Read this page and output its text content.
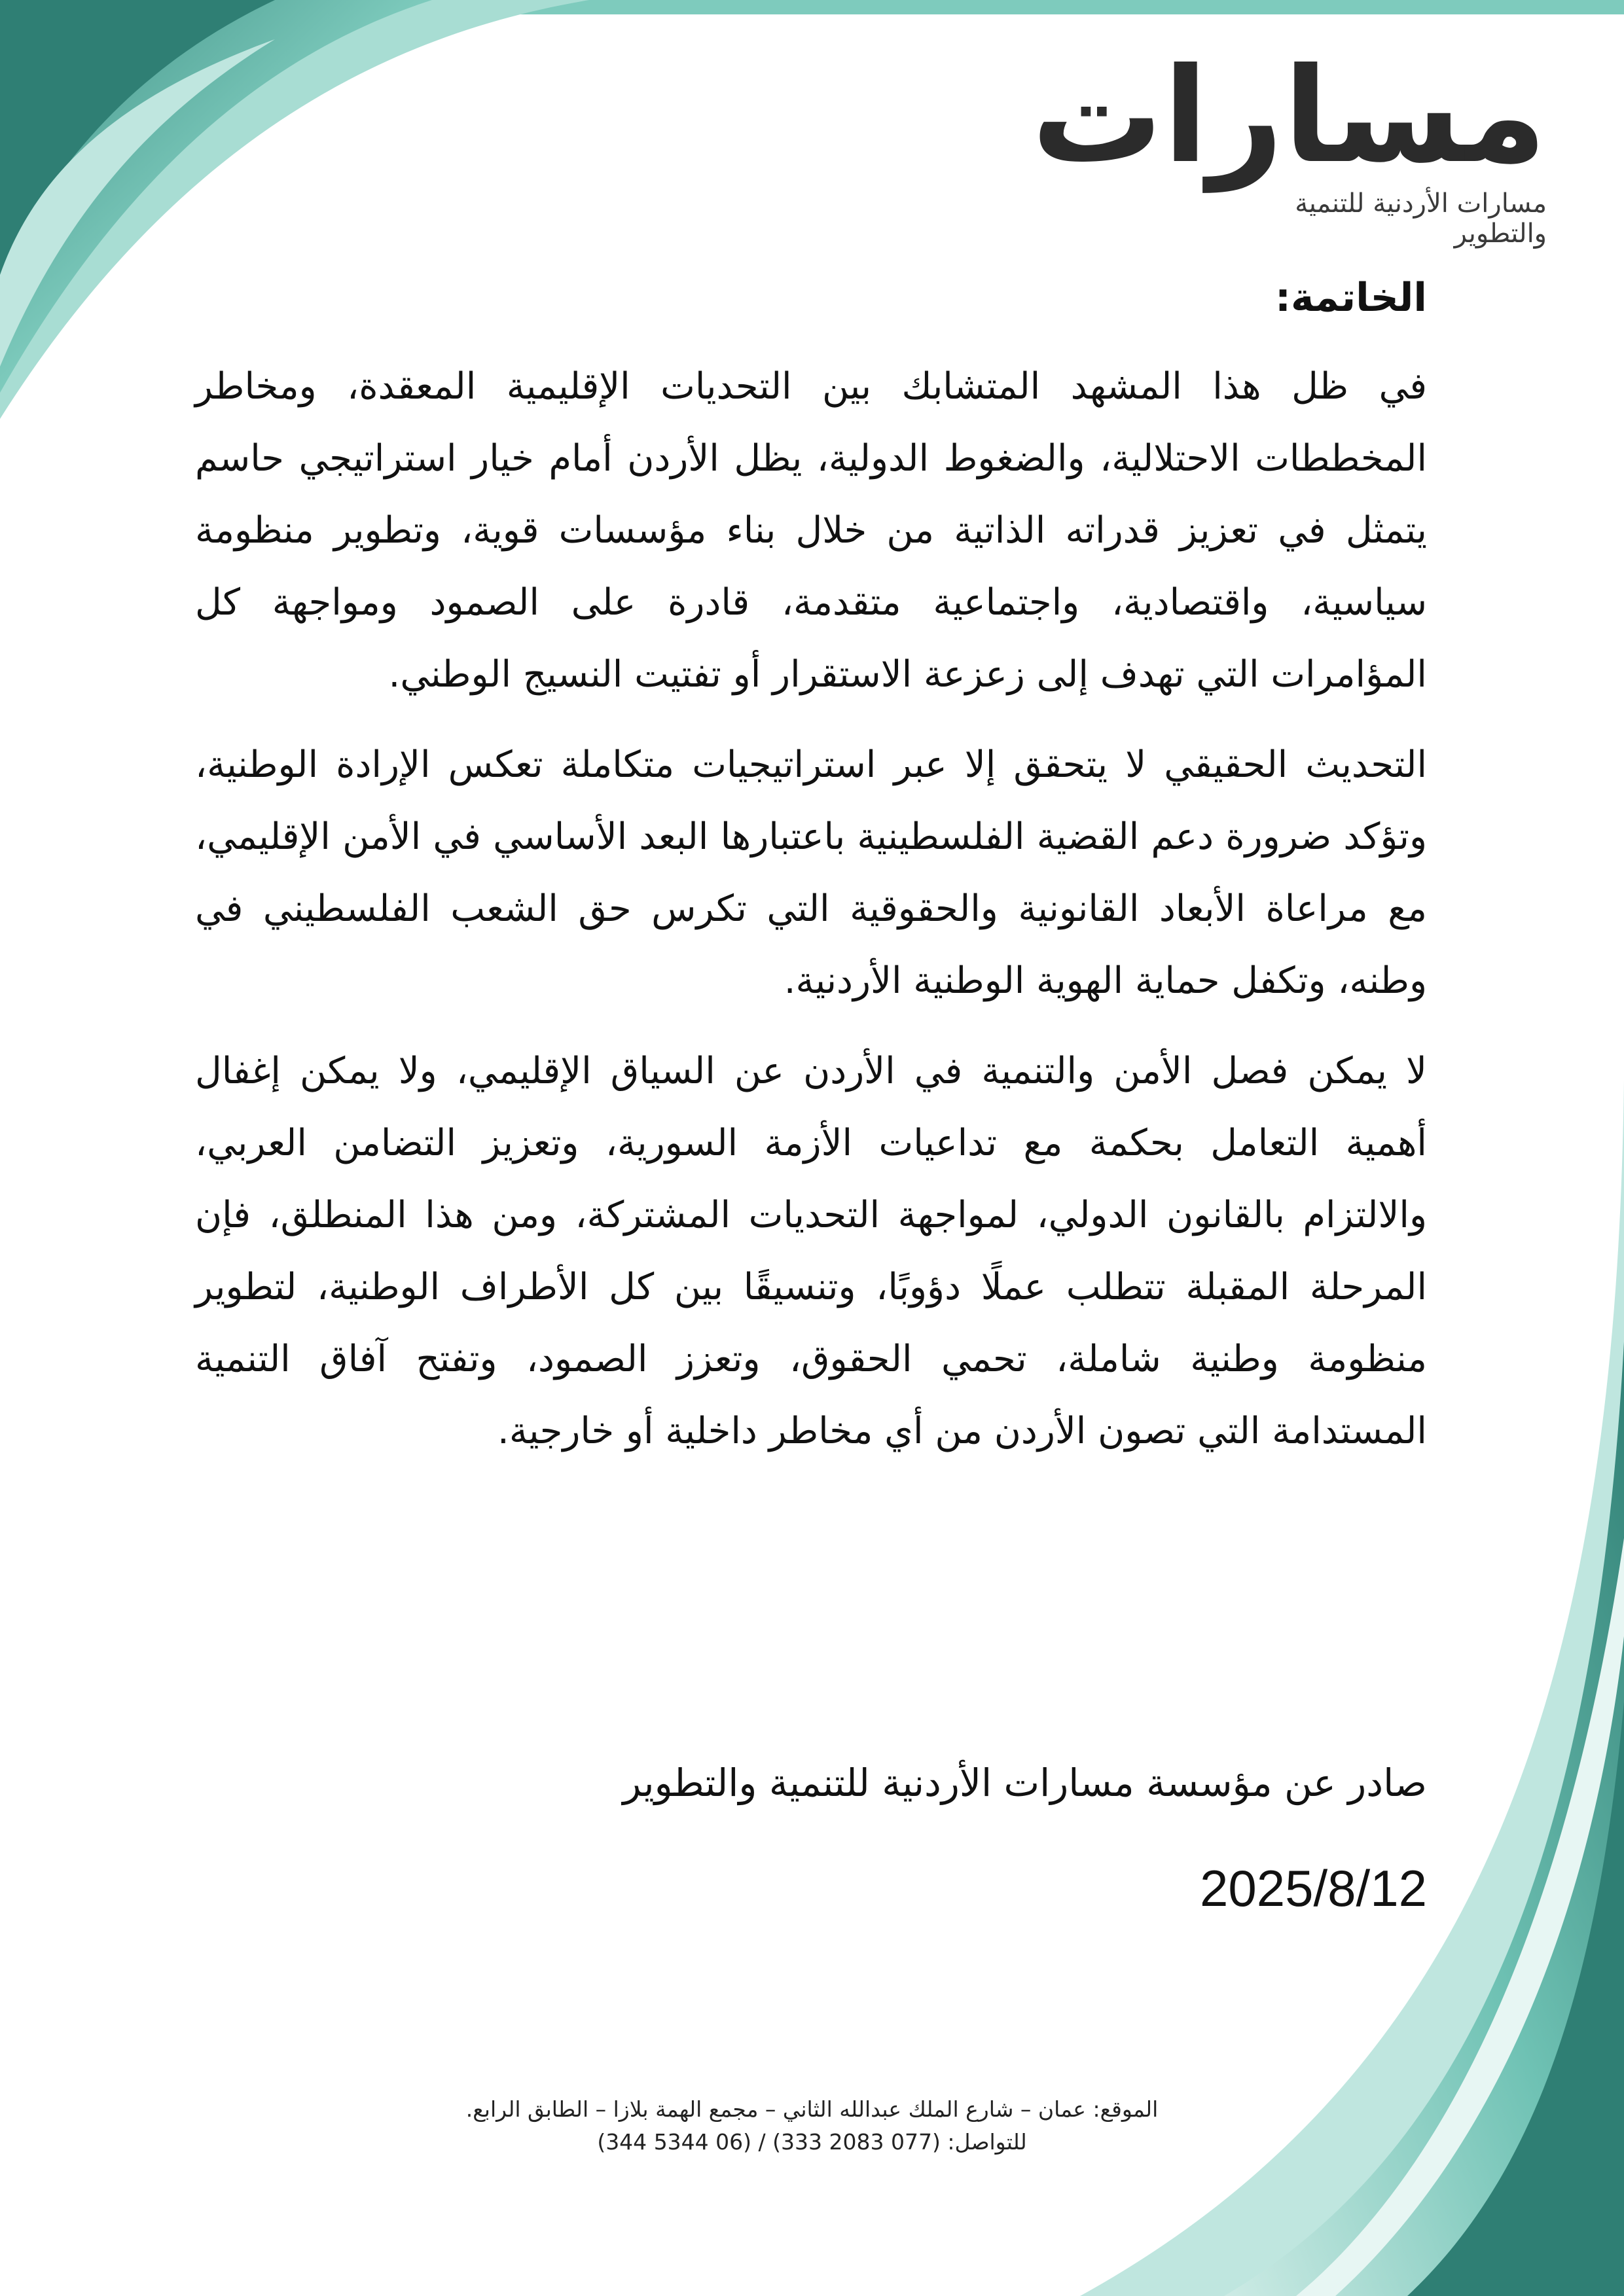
مسارات
مسارات الأردنية للتنمية والتطوير
الخاتمة:

في ظل هذا المشهد المتشابك بين التحديات الإقليمية المعقدة، ومخاطر المخططات الاحتلالية، والضغوط الدولية، يظل الأردن أمام خيار استراتيجي حاسم يتمثل في تعزيز قدراته الذاتية من خلال بناء مؤسسات قوية، وتطوير منظومة سياسية، واقتصادية، واجتماعية متقدمة، قادرة على الصمود ومواجهة كل المؤامرات التي تهدف إلى زعزعة الاستقرار أو تفتيت النسيج الوطني.

التحديث الحقيقي لا يتحقق إلا عبر استراتيجيات متكاملة تعكس الإرادة الوطنية، وتؤكد ضرورة دعم القضية الفلسطينية باعتبارها البعد الأساسي في الأمن الإقليمي، مع مراعاة الأبعاد القانونية والحقوقية التي تكرس حق الشعب الفلسطيني في وطنه، وتكفل حماية الهوية الوطنية الأردنية.

لا يمكن فصل الأمن والتنمية في الأردن عن السياق الإقليمي، ولا يمكن إغفال أهمية التعامل بحكمة مع تداعيات الأزمة السورية، وتعزيز التضامن العربي، والالتزام بالقانون الدولي، لمواجهة التحديات المشتركة، ومن هذا المنطلق، فإن المرحلة المقبلة تتطلب عملًا دؤوبًا، وتنسيقًا بين كل الأطراف الوطنية، لتطوير منظومة وطنية شاملة، تحمي الحقوق، وتعزز الصمود، وتفتح آفاق التنمية المستدامة التي تصون الأردن من أي مخاطر داخلية أو خارجية.

صادر عن مؤسسة مسارات الأردنية للتنمية والتطوير
2025/8/12
الموقع: عمان – شارع الملك عبدالله الثاني – مجمع الهمة بلازا – الطابق الرابع.
للتواصل: (077 2083 333) / (06 5344 344)
